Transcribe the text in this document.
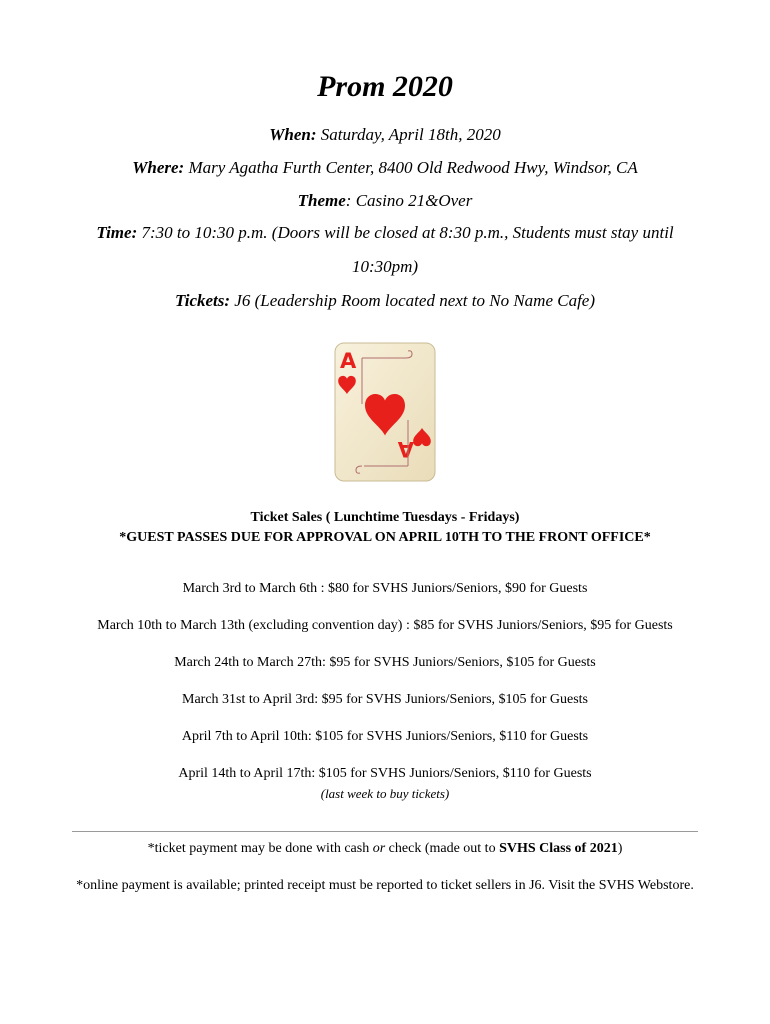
Prom 2020
When: Saturday, April 18th, 2020
Where: Mary Agatha Furth Center, 8400 Old Redwood Hwy, Windsor, CA
Theme: Casino 21&Over
Time: 7:30 to 10:30 p.m. (Doors will be closed at 8:30 p.m., Students must stay until 10:30pm)
Tickets: J6 (Leadership Room located next to No Name Cafe)
A
A
Ticket Sales ( Lunchtime Tuesdays - Fridays)
*GUEST PASSES DUE FOR APPROVAL ON APRIL 10TH TO THE FRONT OFFICE*
March 3rd to March 6th : $80 for SVHS Juniors/Seniors, $90 for Guests
March 10th to March 13th (excluding convention day) : $85 for SVHS Juniors/Seniors, $95 for Guests
March 24th to March 27th: $95 for SVHS Juniors/Seniors, $105 for Guests
March 31st to April 3rd: $95 for SVHS Juniors/Seniors, $105 for Guests
April 7th to April 10th: $105 for SVHS Juniors/Seniors, $110 for Guests
April 14th to April 17th: $105 for SVHS Juniors/Seniors, $110 for Guests
(last week to buy tickets)
*ticket payment may be done with cash or check (made out to SVHS Class of 2021)
*online payment is available; printed receipt must be reported to ticket sellers in J6. Visit the SVHS Webstore.
